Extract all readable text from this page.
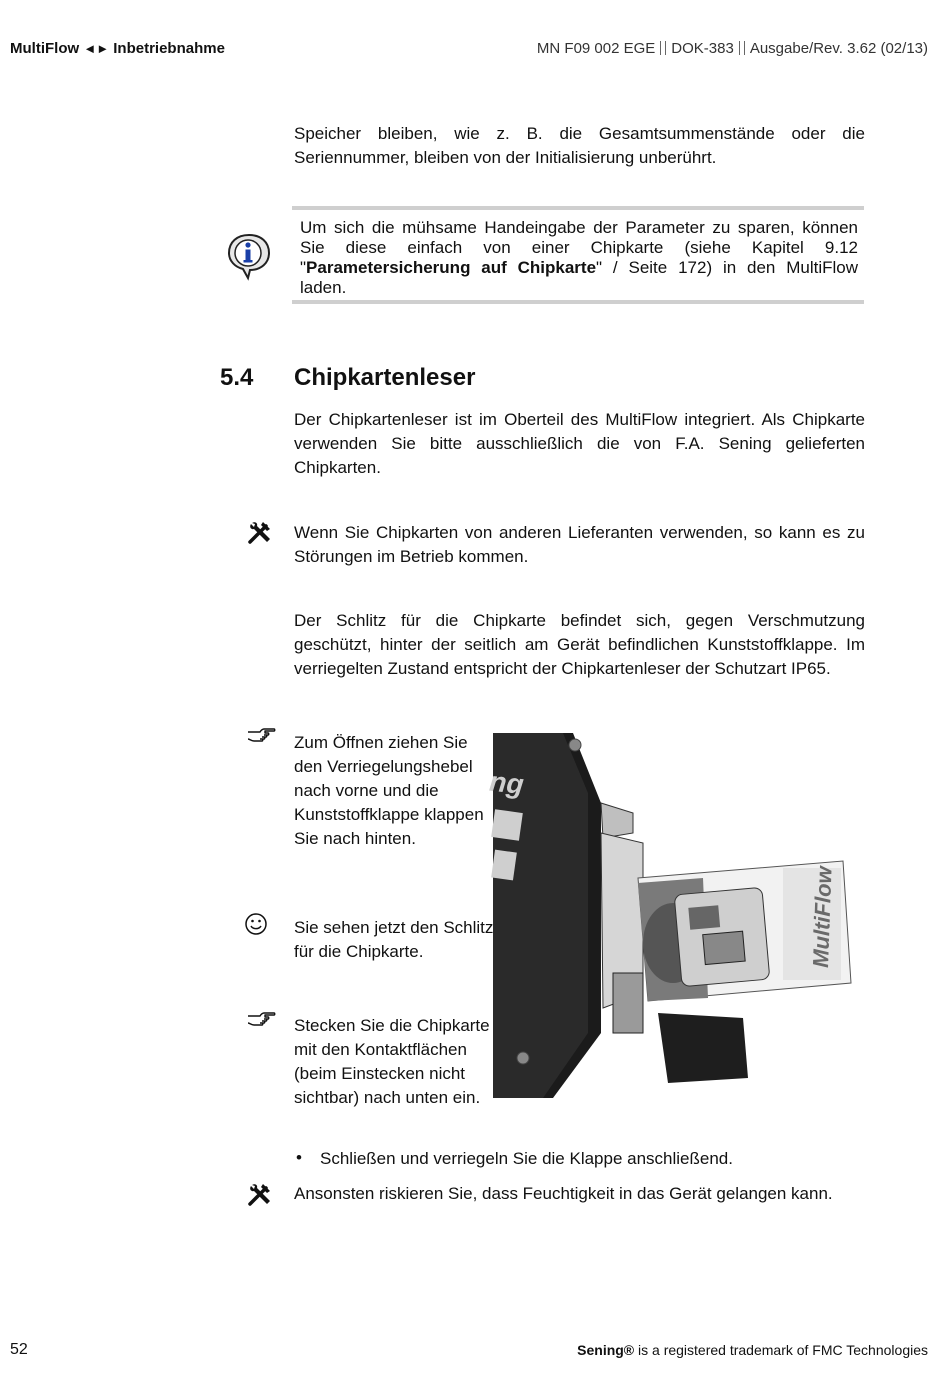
MultiFlow ◄► Inbetriebnahme	MN F09 002 EGE DOK-383 Ausgabe/Rev. 3.62 (02/13)
Speicher bleiben, wie z. B. die Gesamtsummenstände oder die Seriennummer, bleiben von der Initialisierung unberührt.
Um sich die mühsame Handeingabe der Parameter zu sparen, können Sie diese einfach von einer Chipkarte (siehe Kapitel 9.12 "Parametersicherung auf Chipkarte" / Seite 172) in den MultiFlow laden.
5.4 Chipkartenleser
Der Chipkartenleser ist im Oberteil des MultiFlow integriert. Als Chipkarte verwenden Sie bitte ausschließlich die von F.A. Sening gelieferten Chipkarten.
Wenn Sie Chipkarten von anderen Lieferanten verwenden, so kann es zu Störungen im Betrieb kommen.
Der Schlitz für die Chipkarte befindet sich, gegen Verschmutzung geschützt, hinter der seitlich am Gerät befindlichen Kunststoffklappe. Im verriegelten Zustand entspricht der Chipkartenleser der Schutzart IP65.
Zum Öffnen ziehen Sie den Verriegelungshebel nach vorne und die Kunststoffklappe klappen Sie nach hinten.
Sie sehen jetzt den Schlitz für die Chipkarte.
Stecken Sie die Chipkarte mit den Kontaktflächen (beim Einstecken nicht sichtbar) nach unten ein.
MultiFlow
ng
• Schließen und verriegeln Sie die Klappe anschließend.
Ansonsten riskieren Sie, dass Feuchtigkeit in das Gerät gelangen kann.
52	Sening® is a registered trademark of FMC Technologies
